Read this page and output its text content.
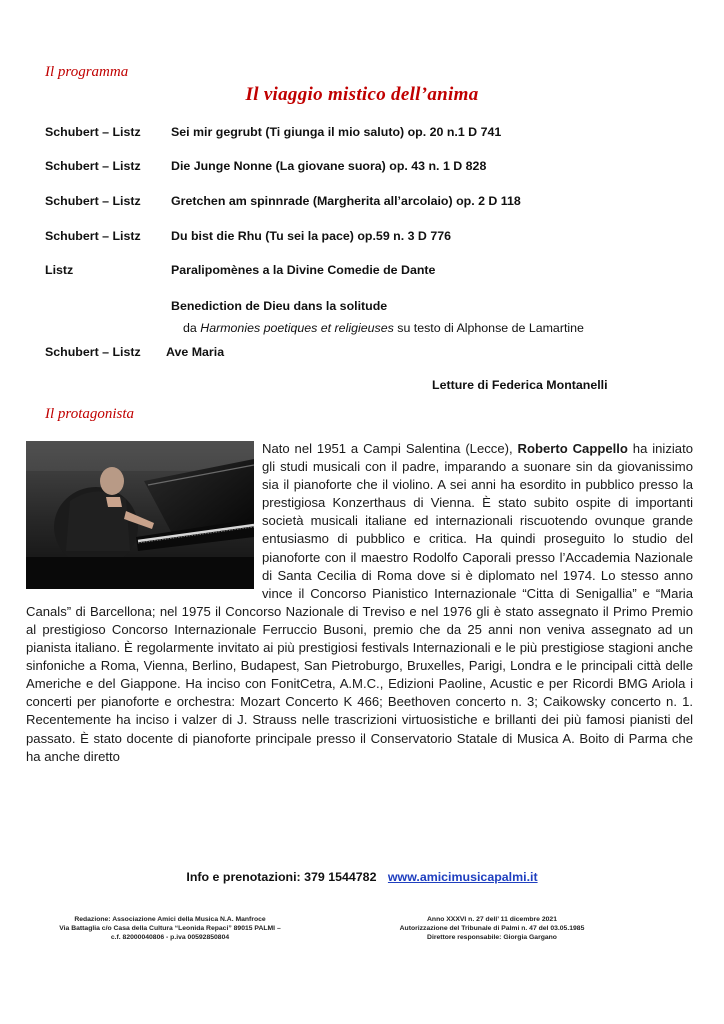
Il programma
Il viaggio mistico dell’anima
Schubert – Listz Sei mir gegrubt (Ti giunga il mio saluto) op. 20 n.1 D 741
Schubert – Listz Die Junge Nonne (La giovane suora) op. 43 n. 1 D 828
Schubert – Listz Gretchen am spinnrade (Margherita all’arcolaio) op. 2 D 118
Schubert – Listz Du bist die Rhu (Tu sei la pace) op.59 n. 3 D 776
Listz	Paralipomènes a la Divine Comedie de Dante
Benediction de Dieu dans la solitude
da Harmonies poetiques et religieuses su testo di Alphonse de Lamartine
Schubert – Listz Ave Maria
Letture di Federica Montanelli
Il protagonista
Nato nel 1951 a Campi Salentina (Lecce), Roberto Cappello ha iniziato gli studi musicali con il padre, imparando a suonare sin da giovanissimo sia il pianoforte che il violino. A sei anni ha esordito in pubblico presso la prestigiosa Konzerthaus di Vienna. È stato subito ospite di importanti società musicali italiane ed internazionali riscuotendo ovunque grande entusiasmo di pubblico e critica. Ha quindi proseguito lo studio del pianoforte con il maestro Rodolfo Caporali presso l’Accademia Nazionale di Santa Cecilia di Roma dove si è diplomato nel 1974. Lo stesso anno vince il Concorso Pianistico Internazionale “Citta di Senigallia” e “Maria Canals” di Barcellona; nel 1975 il Concorso Nazionale di Treviso e nel 1976 gli è stato assegnato il Primo Premio al prestigioso Concorso Internazionale Ferruccio Busoni, premio che da 25 anni non veniva assegnato ad un pianista italiano. È regolarmente invitato ai più prestigiosi festivals Internazionali e le più prestigiose stagioni anche sinfoniche a Roma, Vienna, Berlino, Budapest, San Pietroburgo, Bruxelles, Parigi, Londra e le principali città delle Americhe e del Giappone. Ha inciso con FonitCetra, A.M.C., Edizioni Paoline, Acustic e per Ricordi BMG Ariola i concerti per pianoforte e orchestra: Mozart Concerto K 466; Beethoven concerto n. 3; Caikowsky concerto n. 1. Recentemente ha inciso i valzer di J. Strauss nelle trascrizioni virtuosistiche e brillanti dei più famosi pianisti del passato. È stato docente di pianoforte principale presso il Conservatorio Statale di Musica A. Boito di Parma che ha anche diretto
Info e prenotazioni: 379 1544782 www.amicimusicapalmi.it
Redazione: Associazione Amici della Musica N.A. Manfroce
Via Battaglia c/o Casa della Cultura “Leonida Repaci” 89015 PALMI –
c.f. 82000040806 - p.iva 00592850804
Anno XXXVI n. 27 dell’ 11 dicembre 2021
Autorizzazione del Tribunale di Palmi n. 47 del 03.05.1985
Direttore responsabile: Giorgia Gargano
